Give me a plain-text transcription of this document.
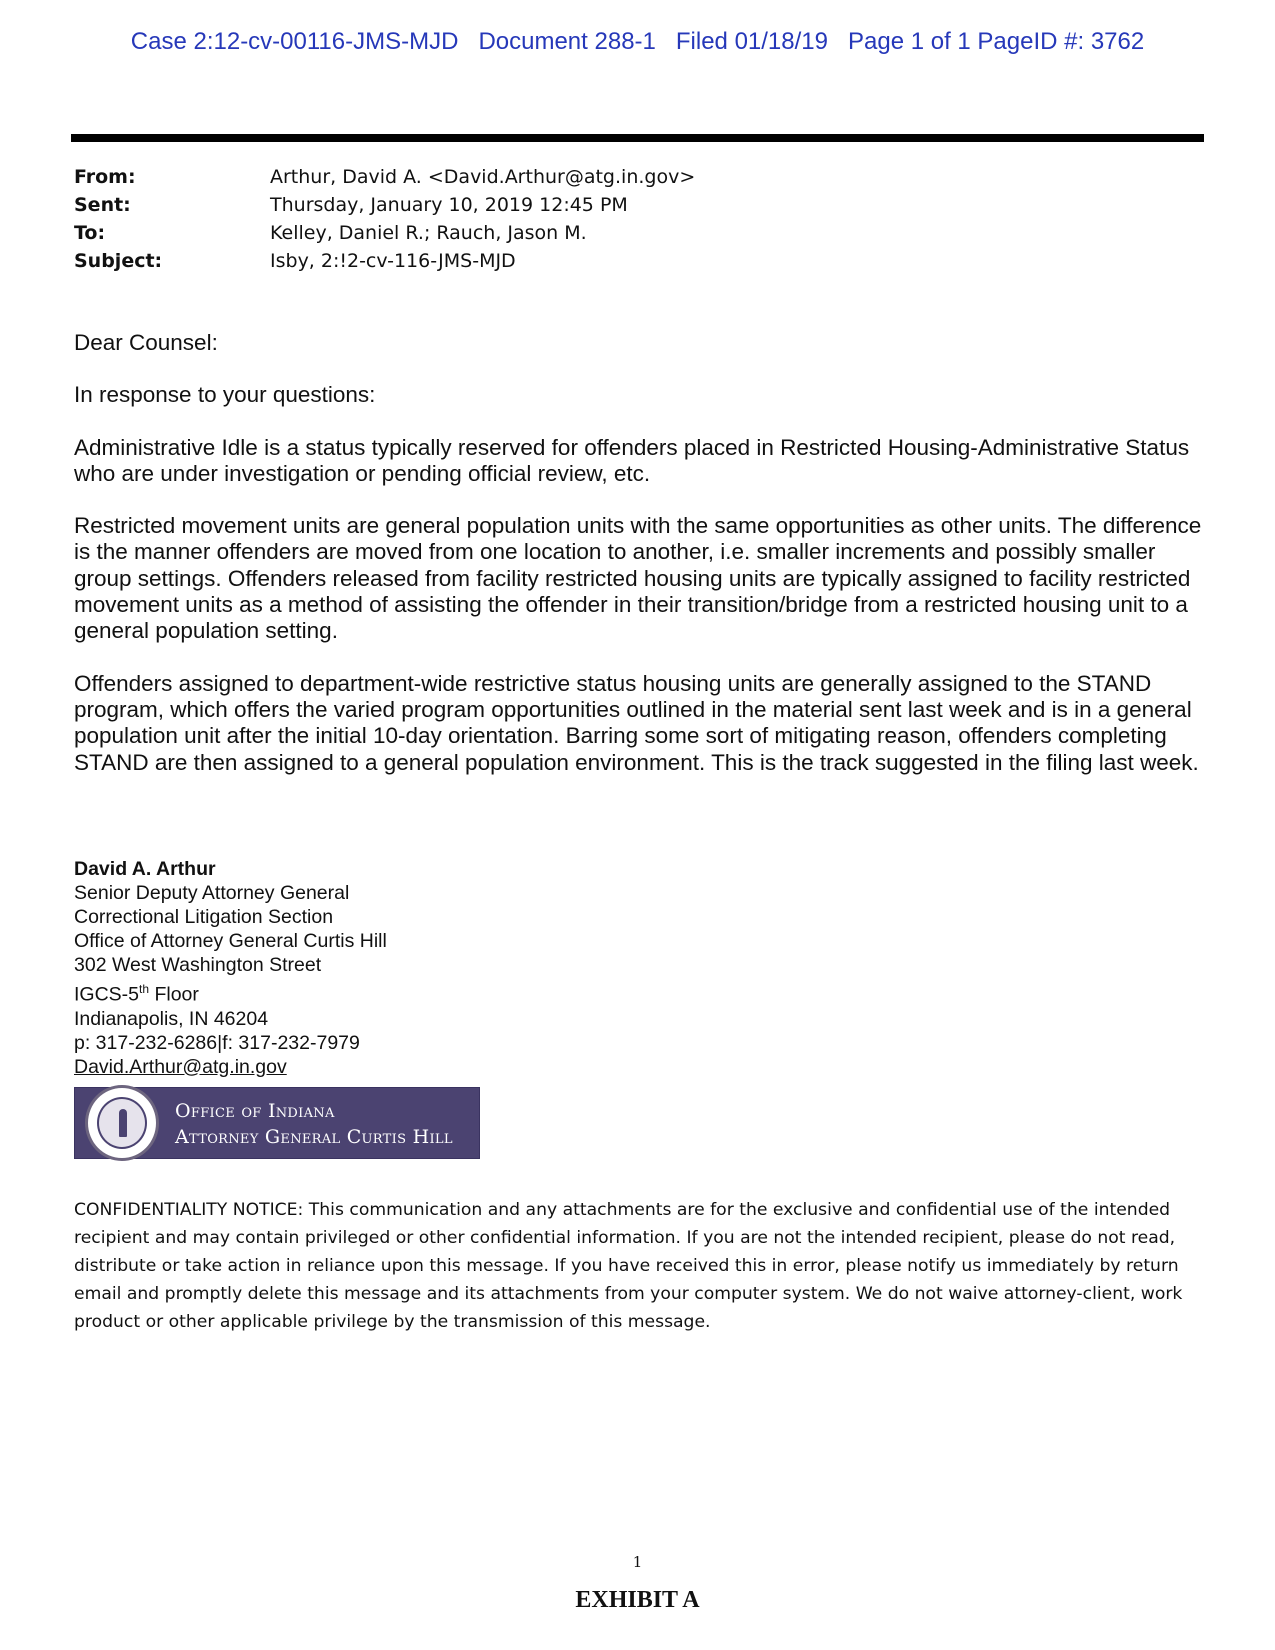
Case 2:12-cv-00116-JMS-MJD   Document 288-1   Filed 01/18/19   Page 1 of 1 PageID #: 3762
From:	Arthur, David A. <David.Arthur@atg.in.gov>
Sent:	Thursday, January 10, 2019 12:45 PM
To:	Kelley, Daniel R.; Rauch, Jason M.
Subject:	Isby, 2:!2-cv-116-JMS-MJD

Dear Counsel:

In response to your questions:

Administrative Idle is a status typically reserved for offenders placed in Restricted Housing-Administrative Status who are under investigation or pending official review, etc.

Restricted movement units are general population units with the same opportunities as other units. The difference is the manner offenders are moved from one location to another, i.e. smaller increments and possibly smaller group settings. Offenders released from facility restricted housing units are typically assigned to facility restricted movement units as a method of assisting the offender in their transition/bridge from a restricted housing unit to a general population setting.

Offenders assigned to department-wide restrictive status housing units are generally assigned to the STAND program, which offers the varied program opportunities outlined in the material sent last week and is in a general population unit after the initial 10-day orientation. Barring some sort of mitigating reason, offenders completing STAND are then assigned to a general population environment. This is the track suggested in the filing last week.

David A. Arthur
Senior Deputy Attorney General
Correctional Litigation Section
Office of Attorney General Curtis Hill
302 West Washington Street
IGCS-5th Floor
Indianapolis, IN 46204
p: 317-232-6286|f: 317-232-7979
David.Arthur@atg.in.gov
Office of Indiana
Attorney General Curtis Hill
CONFIDENTIALITY NOTICE: This communication and any attachments are for the exclusive and confidential use of the intended recipient and may contain privileged or other confidential information. If you are not the intended recipient, please do not read, distribute or take action in reliance upon this message. If you have received this in error, please notify us immediately by return email and promptly delete this message and its attachments from your computer system. We do not waive attorney-client, work product or other applicable privilege by the transmission of this message.
1
EXHIBIT A
